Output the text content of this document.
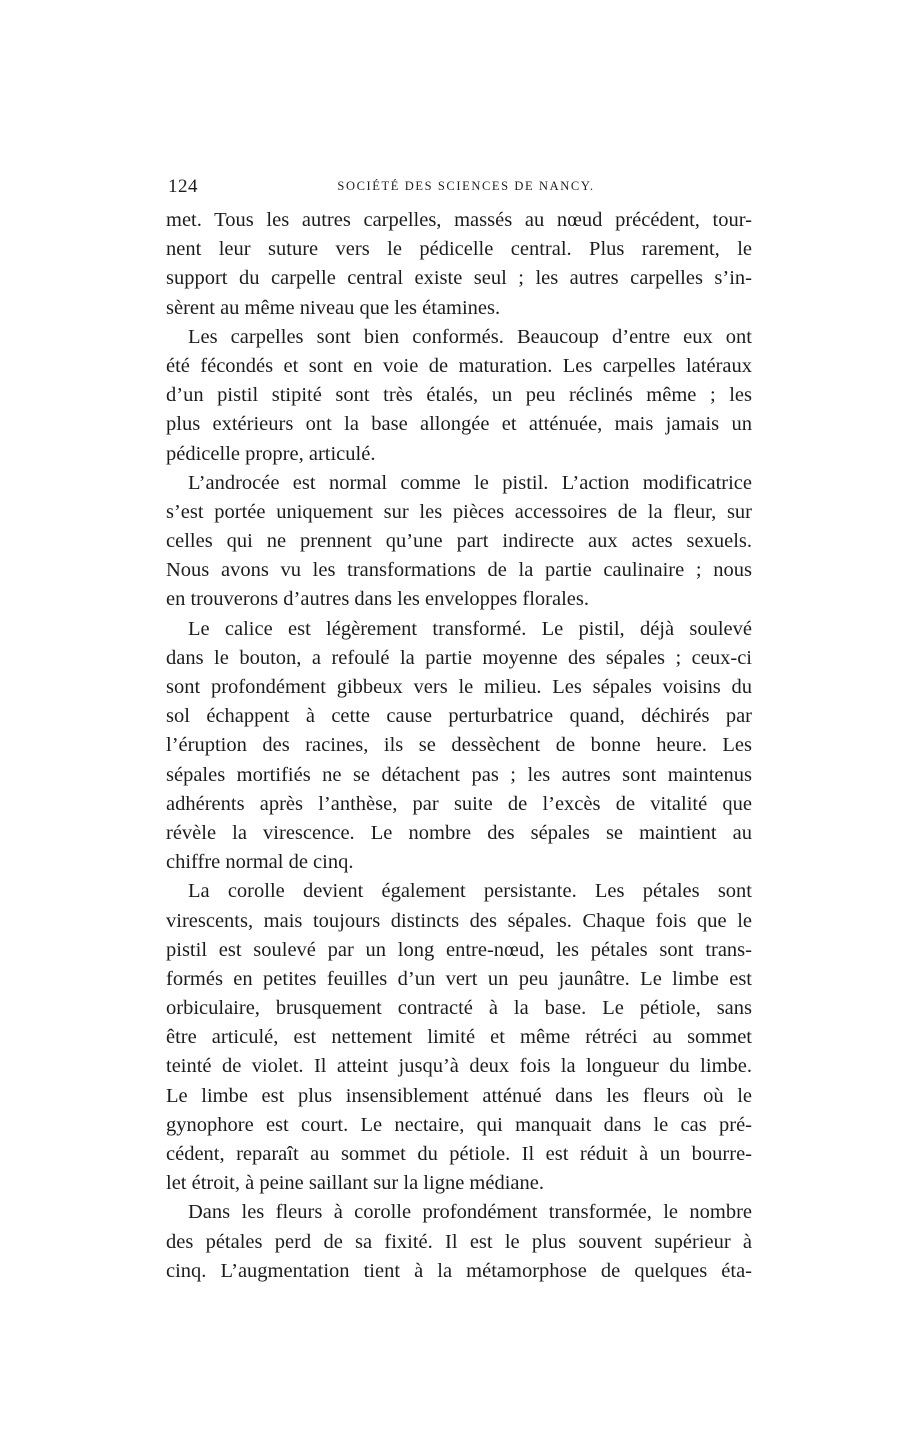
124	SOCIÉTÉ DES SCIENCES DE NANCY.
met. Tous les autres carpelles, massés au nœud précédent, tour-
nent leur suture vers le pédicelle central. Plus rarement, le
support du carpelle central existe seul ; les autres carpelles s’in-
sèrent au même niveau que les étamines.
Les carpelles sont bien conformés. Beaucoup d’entre eux ont
été fécondés et sont en voie de maturation. Les carpelles latéraux
d’un pistil stipité sont très étalés, un peu réclinés même ; les
plus extérieurs ont la base allongée et atténuée, mais jamais un
pédicelle propre, articulé.
L’androcée est normal comme le pistil. L’action modificatrice
s’est portée uniquement sur les pièces accessoires de la fleur, sur
celles qui ne prennent qu’une part indirecte aux actes sexuels.
Nous avons vu les transformations de la partie caulinaire ; nous
en trouverons d’autres dans les enveloppes florales.
Le calice est légèrement transformé. Le pistil, déjà soulevé
dans le bouton, a refoulé la partie moyenne des sépales ; ceux-ci
sont profondément gibbeux vers le milieu. Les sépales voisins du
sol échappent à cette cause perturbatrice quand, déchirés par
l’éruption des racines, ils se dessèchent de bonne heure. Les
sépales mortifiés ne se détachent pas ; les autres sont maintenus
adhérents après l’anthèse, par suite de l’excès de vitalité que
révèle la virescence. Le nombre des sépales se maintient au
chiffre normal de cinq.
La corolle devient également persistante. Les pétales sont
virescents, mais toujours distincts des sépales. Chaque fois que le
pistil est soulevé par un long entre-nœud, les pétales sont trans-
formés en petites feuilles d’un vert un peu jaunâtre. Le limbe est
orbiculaire, brusquement contracté à la base. Le pétiole, sans
être articulé, est nettement limité et même rétréci au sommet
teinté de violet. Il atteint jusqu’à deux fois la longueur du limbe.
Le limbe est plus insensiblement atténué dans les fleurs où le
gynophore est court. Le nectaire, qui manquait dans le cas pré-
cédent, reparaît au sommet du pétiole. Il est réduit à un bourre-
let étroit, à peine saillant sur la ligne médiane.
Dans les fleurs à corolle profondément transformée, le nombre
des pétales perd de sa fixité. Il est le plus souvent supérieur à
cinq. L’augmentation tient à la métamorphose de quelques éta-
